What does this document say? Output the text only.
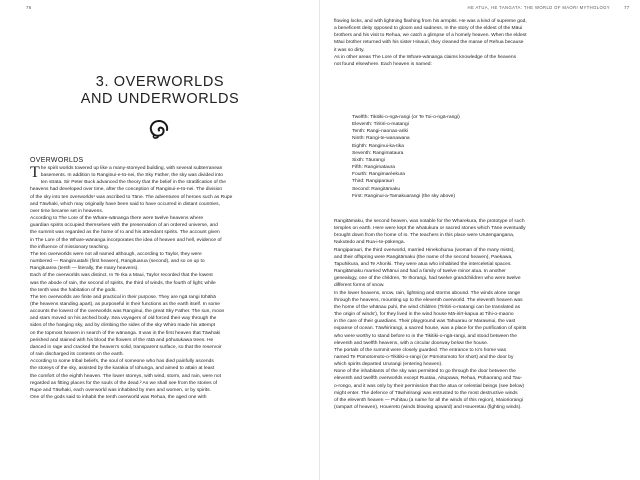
76
3. OVERWORLDS
AND UNDERWORLDS
OVERWORLDS
T he spirit worlds towered up like a many-storeyed building, with several subterranean

basements. In addition to Ranginui-e-tū-nei, the Sky Father, the sky was divided into

ten strata. Sir Peter Buck advanced the theory that the belief in the stratification of the

heavens had developed over time, after the conception of Ranginui-e-tū-nei. The division

of the sky into ten overworlds¹ was ascribed to Tāne. The adventures of heroes such as Rupe

and Tāwhaki, which may originally have been said to have occurred in distant countries,

over time became set in heavens.

According to The Lore of the Whare-wānanga there were twelve heavens where

guardian spirits occupied themselves with the preservation of an ordered universe, and

the summit was regarded as the home of Io and his attendant spirits. The account given

in The Lore of the Whare-wānanga incorporates the idea of heaven and hell, evidence of

the influence of missionary teaching.

The ten overworlds were not all named although, according to Taylor, they were

numbered — Ranginuatahi (first heaven), Rangituarua (second), and so on up to

Rangituarea (tenth — literally, the many heavens).

Each of the overworlds was distinct. In Te Ika a Maui, Taylor recorded that the lowest

was the abode of rain, the second of spirits, the third of winds, the fourth of light; while

the tenth was the habitation of the gods.

The ten overworlds are finite and practical in their purpose. They are ngā rangi tūhāhā

(the heavens standing apart), as purposeful in their functions as the earth itself. In some

accounts the lowest of the overworlds was Ranginui, the great Sky Father. The sun, moon

and stars moved on his arched body. Sea voyagers of old forced their way through the

sides of the hanging sky, and by climbing the sides of the sky Whiro made his attempt

on the topmost heaven in search of the wānanga. It was in the first heaven that Tāwhaki

perished and stained with his blood the flowers of the rātā and pōhutukawa trees. He

danced in rage and cracked the heaven's solid, transparent surface, so that the reservoir

of rain discharged its contents on the earth.

According to some tribal beliefs, the soul of someone who has died painfully ascends

the storeys of the sky, assisted by the karakia of tohunga, and aimed to attain at least

the comfort of the eighth heaven. The lower storeys, with wind, storm, and rain, were not

regarded as fitting places for the souls of the dead.² As we shall see from the stories of

Rupe and Tāwhaki, each overworld was inhabited by men and women, or by spirits.

One of the gods said to inhabit the tenth overworld was Rehua, the aged one with

HE ATUA, HE TANGATA: THE WORLD OF MAORI MYTHOLOGY	77

flowing locks, and with lightning flashing from his armpits. He was a kind of supreme god,

a beneficent deity opposed to gloom and sadness. In the story of the eldest of the Māui

brothers and his visit to Rehua, we catch a glimpse of a homely heaven. When the eldest

Māui brother returned with his sister Hinauri, they cleaned the marae of Rehua because

it was so dirty.

As in other areas The Lore of the Whare-wānanga claims knowledge of the heavens

not found elsewhere. Each heaven is named:

Twelfth: Tikitiki-o-ngā-rangi (or Te Toi-o-ngā-rangi)

Eleventh: Tiritiri-o-matangi

Tenth: Rangi-naonao-ariki

Ninth: Rangi-te-wanawana

Eighth: Ranginui-ka-tika

Seventh: Rangimataura

Sixth: Tāurangi

Fifth: Rangimataura

Fourth: Rangimaréekura

Third: Rangiparauri

Second: Rangitāmaku

First: Ranginui-a-Tamakuarangi (the sky above)

Rangitāmaku, the second heaven, was notable for the Wharekura, the prototype of such

temples on earth. Here were kept the whatukura or sacred stones which Tāne eventually

brought down from the home of Io. The teachers in this place were Urutengangana,

Nukutedo and Rua-i-te-pūkenga.

Rangiparauri, the third overworld, married Hinekohurau (woman of the many mists),

and their offspring were Rangitāmaku (the name of the second heaven), Paekawa,

Tapuhikura, and Te Ahoriki. They were atua who inhabited the interceletial spaces.

Rangitāmaku married Whānui and had a family of twelve minor atua. In another

genealogy, one of the children, Te Ihorangi, had twelve grandchildren who were twelve

different forms of snow.

In the lower heavens, snow, rain, lightning and storms abound. The winds alone range

through the heavens, mounting up to the eleventh overworld. The eleventh heaven was

the home of the whānau puhi, the wind children (Tiritiri-o-matangi can be translated as

'the origin of winds'), for they lived in the wind house Mā-irirī-kapua at Tihi-o-maono

in the care of their guardians. Their playground was Tahuarau or Marawnui, the vast

expanse of ocean. Tāwhirirangi, a sacred house, was a place for the purification of spirits

who were worthy to stand before Io in the Tikitiki-o-ngā-rangi, and stood between the

eleventh and twelfth heavens, with a circular doorway below the house.

The portals of the summit were closely guarded. The entrance to Io's home was

named Te Pūmotomoto-o-Tikitiki-o-rangi (or Pūmotomoto for short) and the door by

which spirits departed Ururangi (entering heaven).

None of the inhabitants of the sky was permitted to go through the door between the

eleventh and twelfth overworlds except Ruatau, Aitupawa, Rehua, Pūhaorang and Tau-

o-rongo, and it was only by their permission that the atua or celestial beings (see below)

might enter. The defence of Tāwhirirangi was entrusted to the most destructive winds

of the eleventh heaven — Puhitau (a name for all the winds of this region), Maioriorangi

(rampart of heaven), Houeretū (winds blowing upward) and Houeretau (fighting winds).
